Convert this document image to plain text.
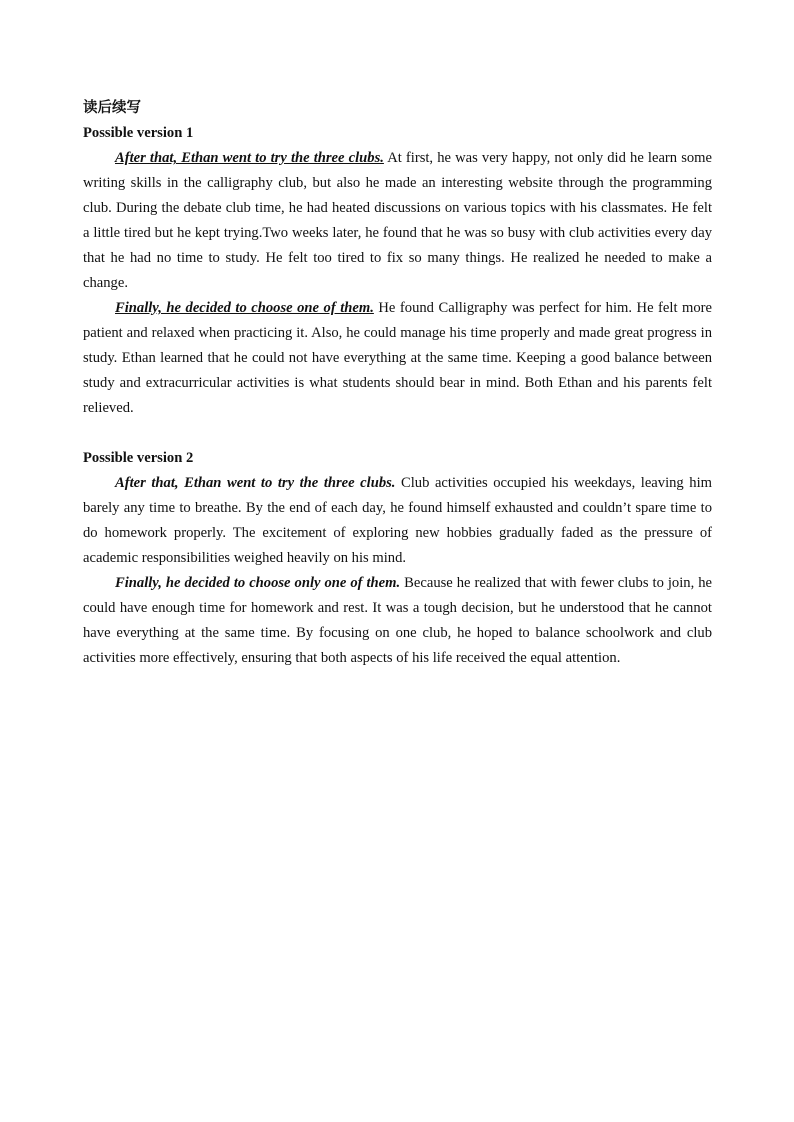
读后续写

Possible version 1

After that, Ethan went to try the three clubs. At first, he was very happy, not only did he learn some writing skills in the calligraphy club, but also he made an interesting website through the programming club. During the debate club time, he had heated discussions on various topics with his classmates. He felt a little tired but he kept trying.Two weeks later, he found that he was so busy with club activities every day that he had no time to study. He felt too tired to fix so many things. He realized he needed to make a change.

Finally, he decided to choose one of them. He found Calligraphy was perfect for him. He felt more patient and relaxed when practicing it. Also, he could manage his time properly and made great progress in study. Ethan learned that he could not have everything at the same time. Keeping a good balance between study and extracurricular activities is what students should bear in mind. Both Ethan and his parents felt relieved.

Possible version 2

After that, Ethan went to try the three clubs. Club activities occupied his weekdays, leaving him barely any time to breathe. By the end of each day, he found himself exhausted and couldn’t spare time to do homework properly. The excitement of exploring new hobbies gradually faded as the pressure of academic responsibilities weighed heavily on his mind.

Finally, he decided to choose only one of them. Because he realized that with fewer clubs to join, he could have enough time for homework and rest. It was a tough decision, but he understood that he cannot have everything at the same time. By focusing on one club, he hoped to balance schoolwork and club activities more effectively, ensuring that both aspects of his life received the equal attention.
